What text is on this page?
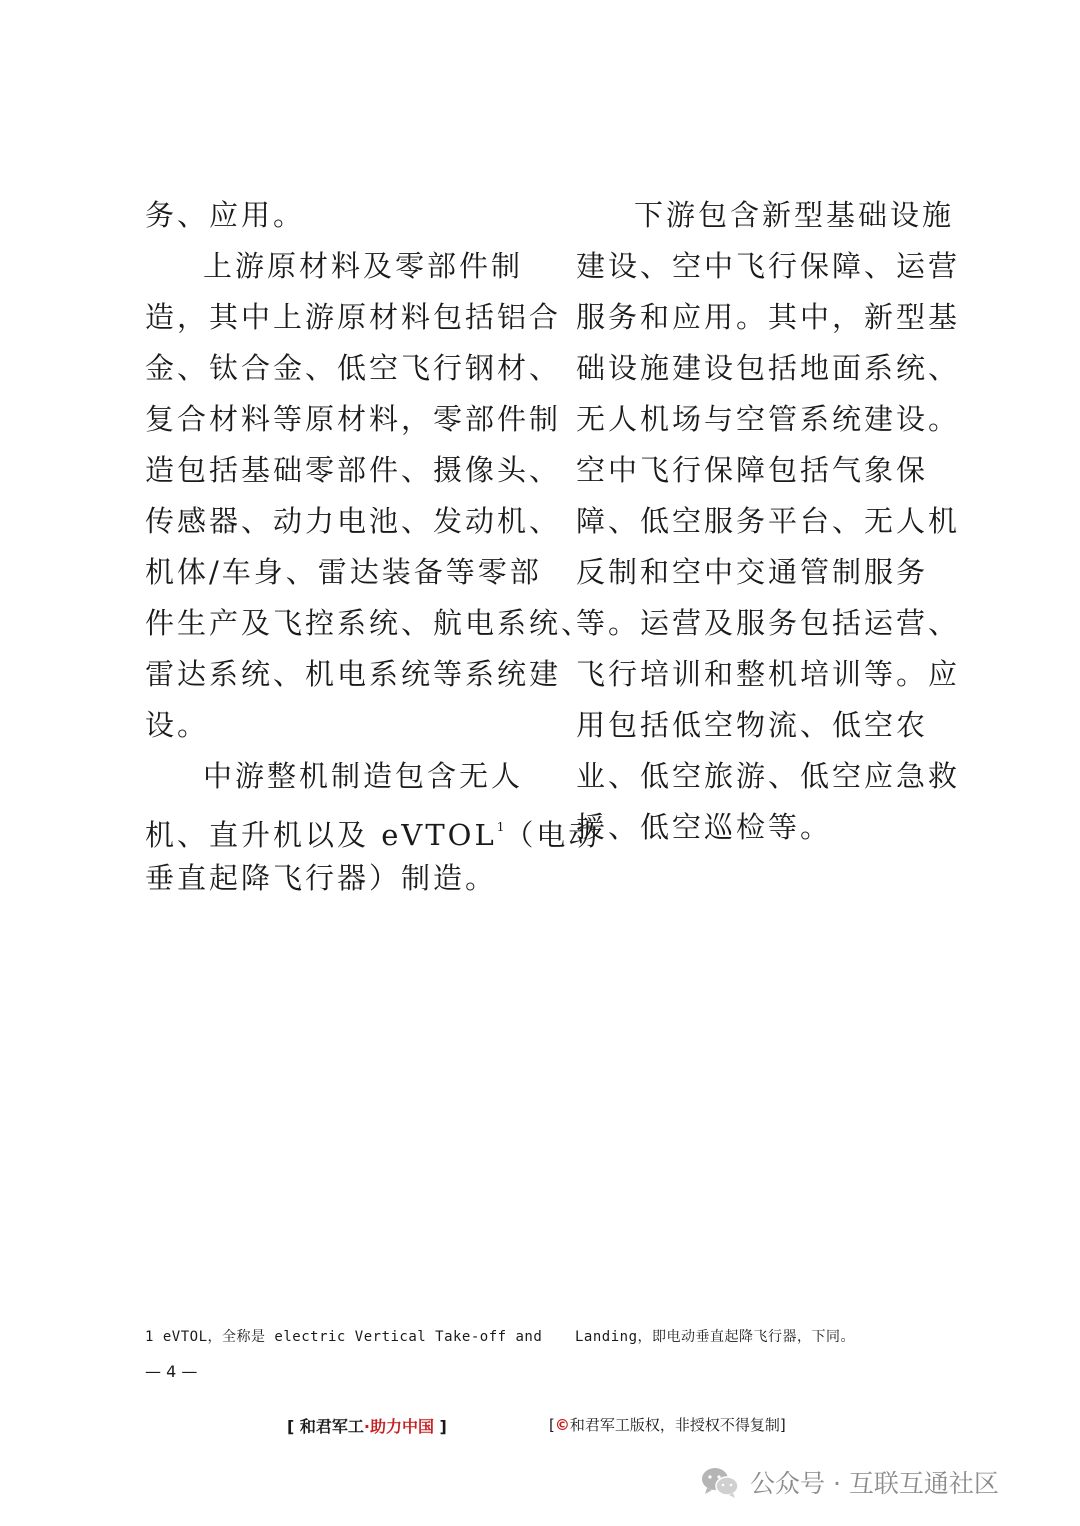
务、应用。
上游原材料及零部件制
造，其中上游原材料包括铝合
金、钛合金、低空飞行钢材、
复合材料等原材料，零部件制
造包括基础零部件、摄像头、
传感器、动力电池、发动机、
机体/车身、雷达装备等零部
件生产及飞控系统、航电系统、
雷达系统、机电系统等系统建
设。
中游整机制造包含无人
机、直升机以及 eVTOL$^1$（电动
垂直起降飞行器）制造。
下游包含新型基础设施
建设、空中飞行保障、运营
服务和应用。其中，新型基
础设施建设包括地面系统、
无人机场与空管系统建设。
空中飞行保障包括气象保
障、低空服务平台、无人机
反制和空中交通管制服务
等。运营及服务包括运营、
飞行培训和整机培训等。应
用包括低空物流、低空农
业、低空旅游、低空应急救
援、低空巡检等。
1 eVTOL，全称是 electric Vertical Take-off and Landing，即电动垂直起降飞行器，下同。
— 4 —
[ 和君军工·助力中国 ]	[©和君军工版权，非授权不得复制]
公众号 · 互联互通社区
